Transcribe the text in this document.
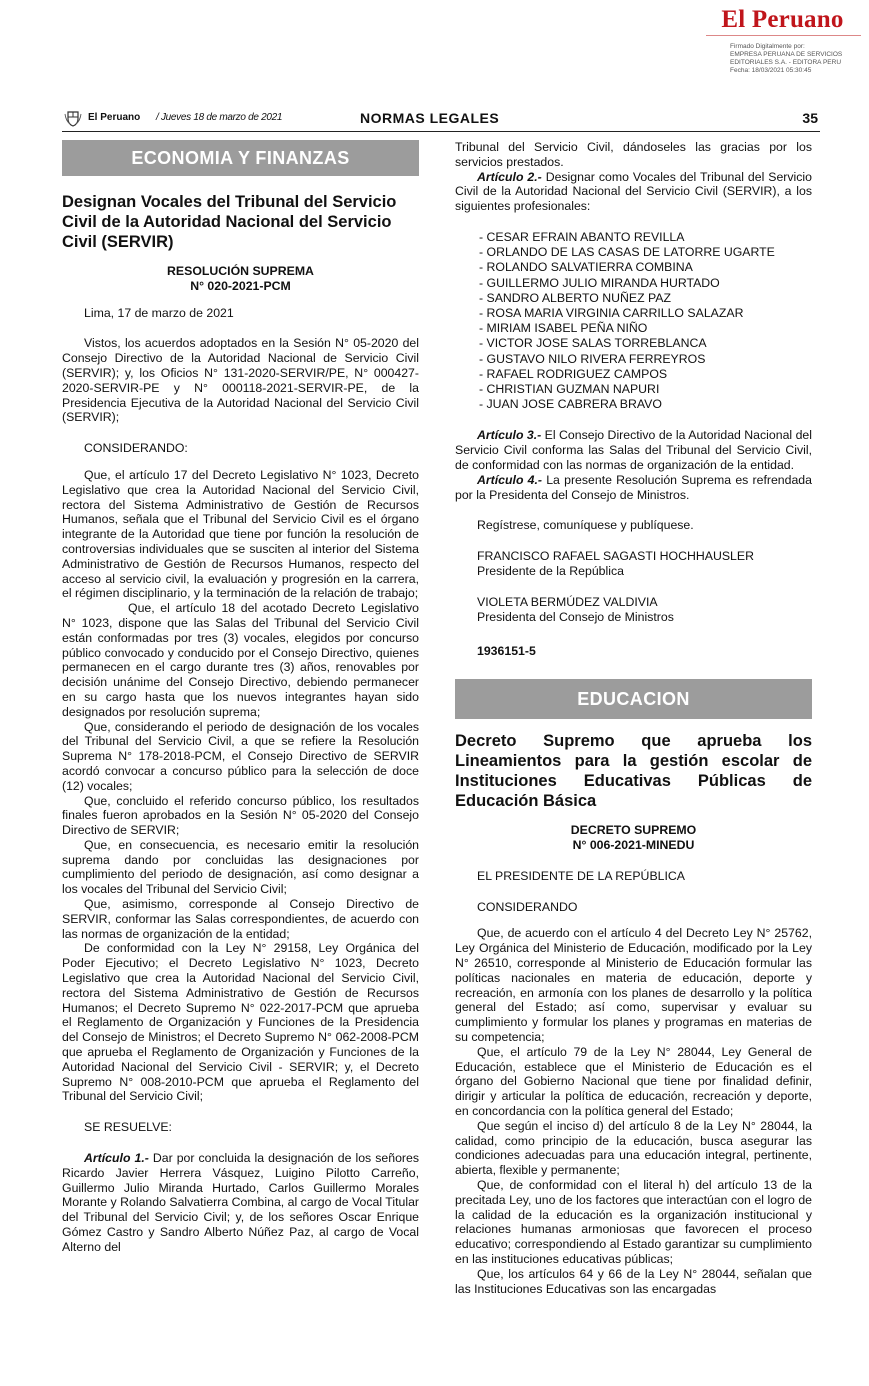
El Peruano
Firmado Digitalmente por:
EMPRESA PERUANA DE SERVICIOS
EDITORIALES S.A. - EDITORA PERU
Fecha: 18/03/2021 05:30:45
El Peruano / Jueves 18 de marzo de 2021	NORMAS LEGALES	35
ECONOMIA Y FINANZAS
Designan Vocales del Tribunal del Servicio Civil de la Autoridad Nacional del Servicio Civil (SERVIR)
RESOLUCIÓN SUPREMA
N° 020-2021-PCM

Lima, 17 de marzo de 2021

Vistos, los acuerdos adoptados en la Sesión N° 05-2020 del Consejo Directivo de la Autoridad Nacional de Servicio Civil (SERVIR); y, los Oficios N° 131-2020-SERVIR/PE, N° 000427-2020-SERVIR-PE y N° 000118-2021-SERVIR-PE, de la Presidencia Ejecutiva de la Autoridad Nacional del Servicio Civil (SERVIR);

CONSIDERANDO:

Que, el artículo 17 del Decreto Legislativo N° 1023, Decreto Legislativo que crea la Autoridad Nacional del Servicio Civil, rectora del Sistema Administrativo de Gestión de Recursos Humanos, señala que el Tribunal del Servicio Civil es el órgano integrante de la Autoridad que tiene por función la resolución de controversias individuales que se susciten al interior del Sistema Administrativo de Gestión de Recursos Humanos, respecto del acceso al servicio civil, la evaluación y progresión en la carrera, el régimen disciplinario, y la terminación de la relación de trabajo;

Que, el artículo 18 del acotado Decreto Legislativo N° 1023, dispone que las Salas del Tribunal del Servicio Civil están conformadas por tres (3) vocales, elegidos por concurso público convocado y conducido por el Consejo Directivo, quienes permanecen en el cargo durante tres (3) años, renovables por decisión unánime del Consejo Directivo, debiendo permanecer en su cargo hasta que los nuevos integrantes hayan sido designados por resolución suprema;

Que, considerando el periodo de designación de los vocales del Tribunal del Servicio Civil, a que se refiere la Resolución Suprema N° 178-2018-PCM, el Consejo Directivo de SERVIR acordó convocar a concurso público para la selección de doce (12) vocales;

Que, concluido el referido concurso público, los resultados finales fueron aprobados en la Sesión N° 05-2020 del Consejo Directivo de SERVIR;

Que, en consecuencia, es necesario emitir la resolución suprema dando por concluidas las designaciones por cumplimiento del periodo de designación, así como designar a los vocales del Tribunal del Servicio Civil;

Que, asimismo, corresponde al Consejo Directivo de SERVIR, conformar las Salas correspondientes, de acuerdo con las normas de organización de la entidad;

De conformidad con la Ley N° 29158, Ley Orgánica del Poder Ejecutivo; el Decreto Legislativo N° 1023, Decreto Legislativo que crea la Autoridad Nacional del Servicio Civil, rectora del Sistema Administrativo de Gestión de Recursos Humanos; el Decreto Supremo N° 022-2017-PCM que aprueba el Reglamento de Organización y Funciones de la Presidencia del Consejo de Ministros; el Decreto Supremo N° 062-2008-PCM que aprueba el Reglamento de Organización y Funciones de la Autoridad Nacional del Servicio Civil - SERVIR; y, el Decreto Supremo N° 008-2010-PCM que aprueba el Reglamento del Tribunal del Servicio Civil;

SE RESUELVE:

Artículo 1.- Dar por concluida la designación de los señores Ricardo Javier Herrera Vásquez, Luigino Pilotto Carreño, Guillermo Julio Miranda Hurtado, Carlos Guillermo Morales Morante y Rolando Salvatierra Combina, al cargo de Vocal Titular del Tribunal del Servicio Civil; y, de los señores Oscar Enrique Gómez Castro y Sandro Alberto Núñez Paz, al cargo de Vocal Alterno del

Tribunal del Servicio Civil, dándoseles las gracias por los servicios prestados.

Artículo 2.- Designar como Vocales del Tribunal del Servicio Civil de la Autoridad Nacional del Servicio Civil (SERVIR), a los siguientes profesionales:

- CESAR EFRAIN ABANTO REVILLA
- ORLANDO DE LAS CASAS DE LATORRE UGARTE
- ROLANDO SALVATIERRA COMBINA
- GUILLERMO JULIO MIRANDA HURTADO
- SANDRO ALBERTO NUÑEZ PAZ
- ROSA MARIA VIRGINIA CARRILLO SALAZAR
- MIRIAM ISABEL PEÑA NIÑO
- VICTOR JOSE SALAS TORREBLANCA
- GUSTAVO NILO RIVERA FERREYROS
- RAFAEL RODRIGUEZ CAMPOS
- CHRISTIAN GUZMAN NAPURI
- JUAN JOSE CABRERA BRAVO

Artículo 3.- El Consejo Directivo de la Autoridad Nacional del Servicio Civil conforma las Salas del Tribunal del Servicio Civil, de conformidad con las normas de organización de la entidad.

Artículo 4.- La presente Resolución Suprema es refrendada por la Presidenta del Consejo de Ministros.

Regístrese, comuníquese y publíquese.

FRANCISCO RAFAEL SAGASTI HOCHHAUSLER

Presidente de la República

VIOLETA BERMÚDEZ VALDIVIA

Presidenta del Consejo de Ministros

1936151-5

EDUCACION
Decreto Supremo que aprueba los Lineamientos para la gestión escolar de Instituciones Educativas Públicas de Educación Básica
DECRETO SUPREMO
N° 006-2021-MINEDU

EL PRESIDENTE DE LA REPÚBLICA

CONSIDERANDO

Que, de acuerdo con el artículo 4 del Decreto Ley N° 25762, Ley Orgánica del Ministerio de Educación, modificado por la Ley N° 26510, corresponde al Ministerio de Educación formular las políticas nacionales en materia de educación, deporte y recreación, en armonía con los planes de desarrollo y la política general del Estado; así como, supervisar y evaluar su cumplimiento y formular los planes y programas en materias de su competencia;

Que, el artículo 79 de la Ley N° 28044, Ley General de Educación, establece que el Ministerio de Educación es el órgano del Gobierno Nacional que tiene por finalidad definir, dirigir y articular la política de educación, recreación y deporte, en concordancia con la política general del Estado;

Que según el inciso d) del artículo 8 de la Ley N° 28044, la calidad, como principio de la educación, busca asegurar las condiciones adecuadas para una educación integral, pertinente, abierta, flexible y permanente;

Que, de conformidad con el literal h) del artículo 13 de la precitada Ley, uno de los factores que interactúan con el logro de la calidad de la educación es la organización institucional y relaciones humanas armoniosas que favorecen el proceso educativo; correspondiendo al Estado garantizar su cumplimiento en las instituciones educativas públicas;

Que, los artículos 64 y 66 de la Ley N° 28044, señalan que las Instituciones Educativas son las encargadas
